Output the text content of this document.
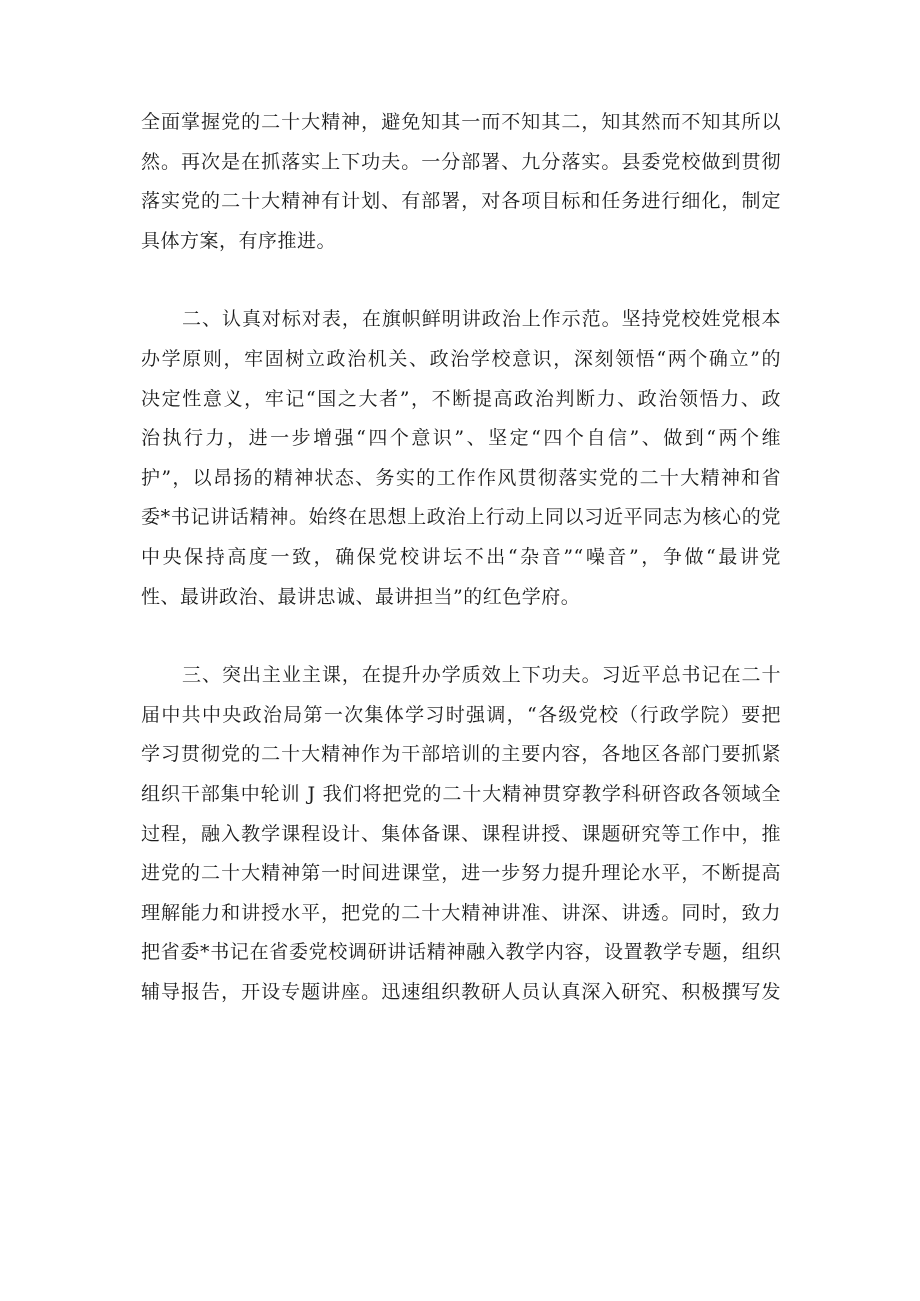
全面掌握党的二十大精神，避免知其一而不知其二，知其然而不知其所以
然。再次是在抓落实上下功夫。一分部署、九分落实。县委党校做到贯彻
落实党的二十大精神有计划、有部署，对各项目标和任务进行细化，制定
具体方案，有序推进。
二、认真对标对表，在旗帜鲜明讲政治上作示范。坚持党校姓党根本
办学原则，牢固树立政治机关、政治学校意识，深刻领悟“两个确立”的
决定性意义，牢记“国之大者”，不断提高政治判断力、政治领悟力、政
治执行力，进一步增强“四个意识”、坚定“四个自信”、做到“两个维
护”，以昂扬的精神状态、务实的工作作风贯彻落实党的二十大精神和省
委*书记讲话精神。始终在思想上政治上行动上同以习近平同志为核心的党
中央保持高度一致，确保党校讲坛不出“杂音”“噪音”，争做“最讲党
性、最讲政治、最讲忠诚、最讲担当”的红色学府。
三、突出主业主课，在提升办学质效上下功夫。习近平总书记在二十
届中共中央政治局第一次集体学习时强调，“各级党校（行政学院）要把
学习贯彻党的二十大精神作为干部培训的主要内容，各地区各部门要抓紧
组织干部集中轮训 J 我们将把党的二十大精神贯穿教学科研咨政各领域全
过程，融入教学课程设计、集体备课、课程讲授、课题研究等工作中，推
进党的二十大精神第一时间进课堂，进一步努力提升理论水平，不断提高
理解能力和讲授水平，把党的二十大精神讲准、讲深、讲透。同时，致力
把省委*书记在省委党校调研讲话精神融入教学内容，设置教学专题，组织
辅导报告，开设专题讲座。迅速组织教研人员认真深入研究、积极撰写发
